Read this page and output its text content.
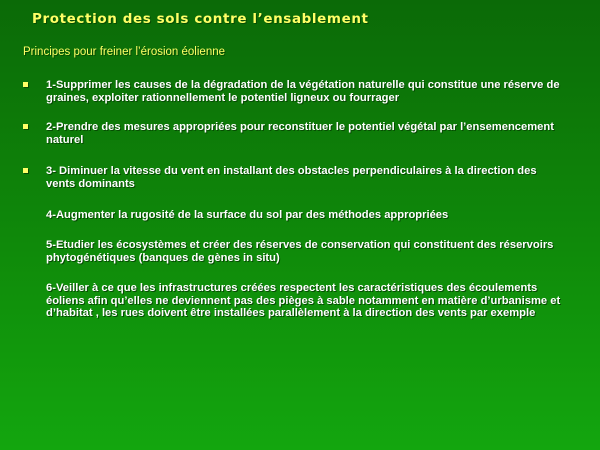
Protection des sols contre l’ensablement
Principes pour freiner l’érosion éolienne
1-Supprimer les causes de la dégradation de la végétation naturelle qui constitue une réserve de graines, exploiter rationnellement le potentiel ligneux ou fourrager
2-Prendre des mesures appropriées pour reconstituer le potentiel végétal par l’ensemencement naturel
3- Diminuer la vitesse du vent en installant des obstacles perpendiculaires à la direction des vents dominants
4-Augmenter la rugosité de la surface du sol par des méthodes appropriées
5-Etudier les écosystèmes et créer des réserves de conservation qui constituent des réservoirs phytogénétiques (banques de gènes in situ)
6-Veiller à ce que les infrastructures créées respectent les caractéristiques des écoulements éoliens afin qu’elles ne deviennent pas des pièges à sable notamment en matière d’urbanisme et d’habitat , les rues doivent être installées parallèlement à la direction des vents par exemple
